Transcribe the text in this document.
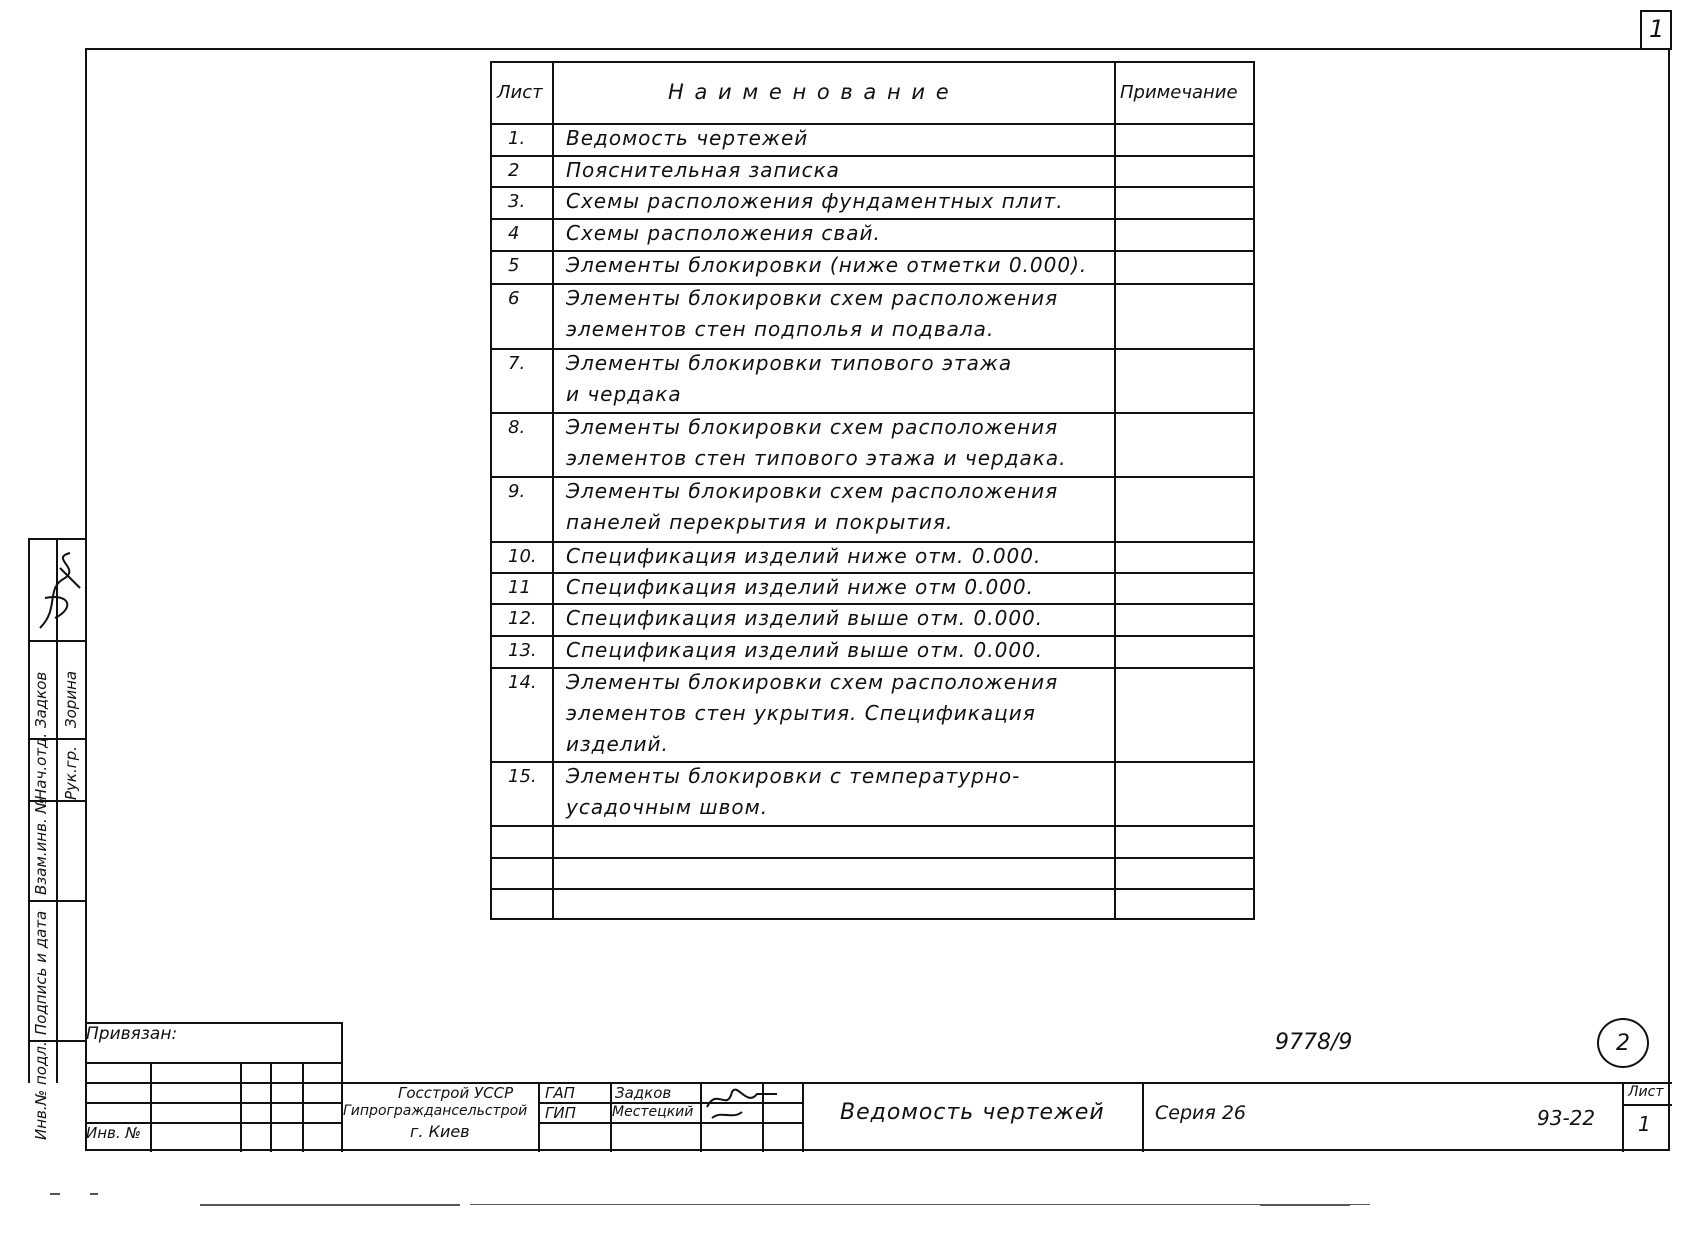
1
Лист	Н а и м е н о в а н и е	Примечание
1. Ведомость чертежей
2 Пояснительная записка
3. Схемы расположения фундаментных плит.
4 Схемы расположения свай.
5 Элементы блокировки (ниже отметки 0.000).
6 Элементы блокировки схем расположения
элементов стен подполья и подвала.
7. Элементы блокировки типового этажа
и чердака
8. Элементы блокировки схем расположения
элементов стен типового этажа и чердака.
9. Элементы блокировки схем расположения
панелей перекрытия и покрытия.
10. Спецификация изделий ниже отм. 0.000.
11 Спецификация изделий ниже отм 0.000.
12. Спецификация изделий выше отм. 0.000.
13. Спецификация изделий выше отм. 0.000.
14. Элементы блокировки схем расположения
элементов стен укрытия. Спецификация
изделий.
15. Элементы блокировки с температурно-
усадочным швом.
Нач.отд.
Задков
Рук.гр.
Зорина
Инв.№ подл.
Подпись и дата
Взам.инв. №
Привязан:
Инв. №
9778/9	2
Госстрой УССР
Гипрограждансельстрой
г. Киев
ГАП
ГИП
Задков
Местецкий	Ведомость чертежей	Серия 26	93-22
Лист
1
